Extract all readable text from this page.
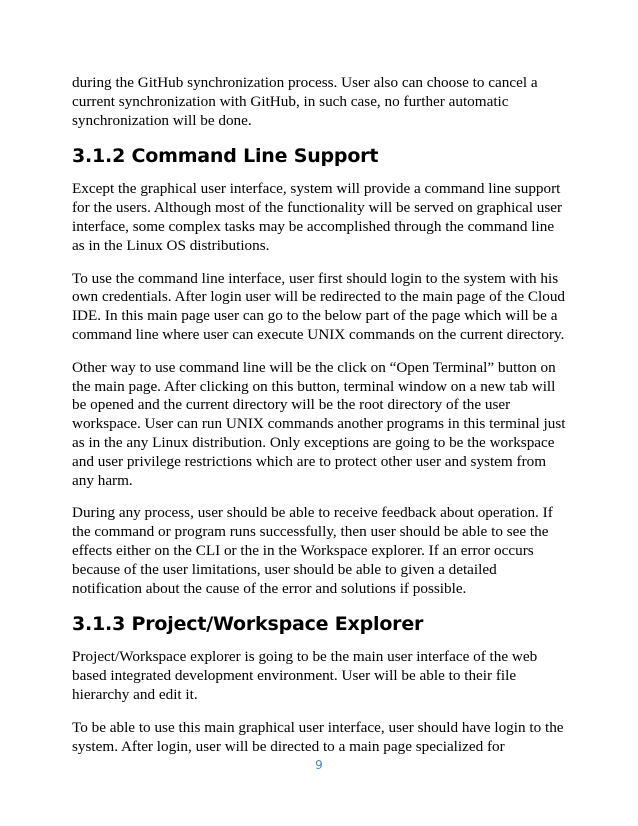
during the GitHub synchronization process. User also can choose to cancel a current synchronization with GitHub, in such case, no further automatic synchronization will be done.

3.1.2 Command Line Support

Except the graphical user interface, system will provide a command line support for the users. Although most of the functionality will be served on graphical user interface, some complex tasks may be accomplished through the command line as in the Linux OS distributions.

To use the command line interface, user first should login to the system with his own credentials. After login user will be redirected to the main page of the Cloud IDE. In this main page user can go to the below part of the page which will be a command line where user can execute UNIX commands on the current directory.

Other way to use command line will be the click on “Open Terminal” button on the main page. After clicking on this button, terminal window on a new tab will be opened and the current directory will be the root directory of the user workspace. User can run UNIX commands another programs in this terminal just as in the any Linux distribution. Only exceptions are going to be the workspace and user privilege restrictions which are to protect other user and system from any harm.

During any process, user should be able to receive feedback about operation. If the command or program runs successfully, then user should be able to see the effects either on the CLI or the in the Workspace explorer. If an error occurs because of the user limitations, user should be able to given a detailed notification about the cause of the error and solutions if possible.

3.1.3 Project/Workspace Explorer

Project/Workspace explorer is going to be the main user interface of the web based integrated development environment. User will be able to their file hierarchy and edit it.

To be able to use this main graphical user interface, user should have login to the system. After login, user will be directed to a main page specialized for

9
